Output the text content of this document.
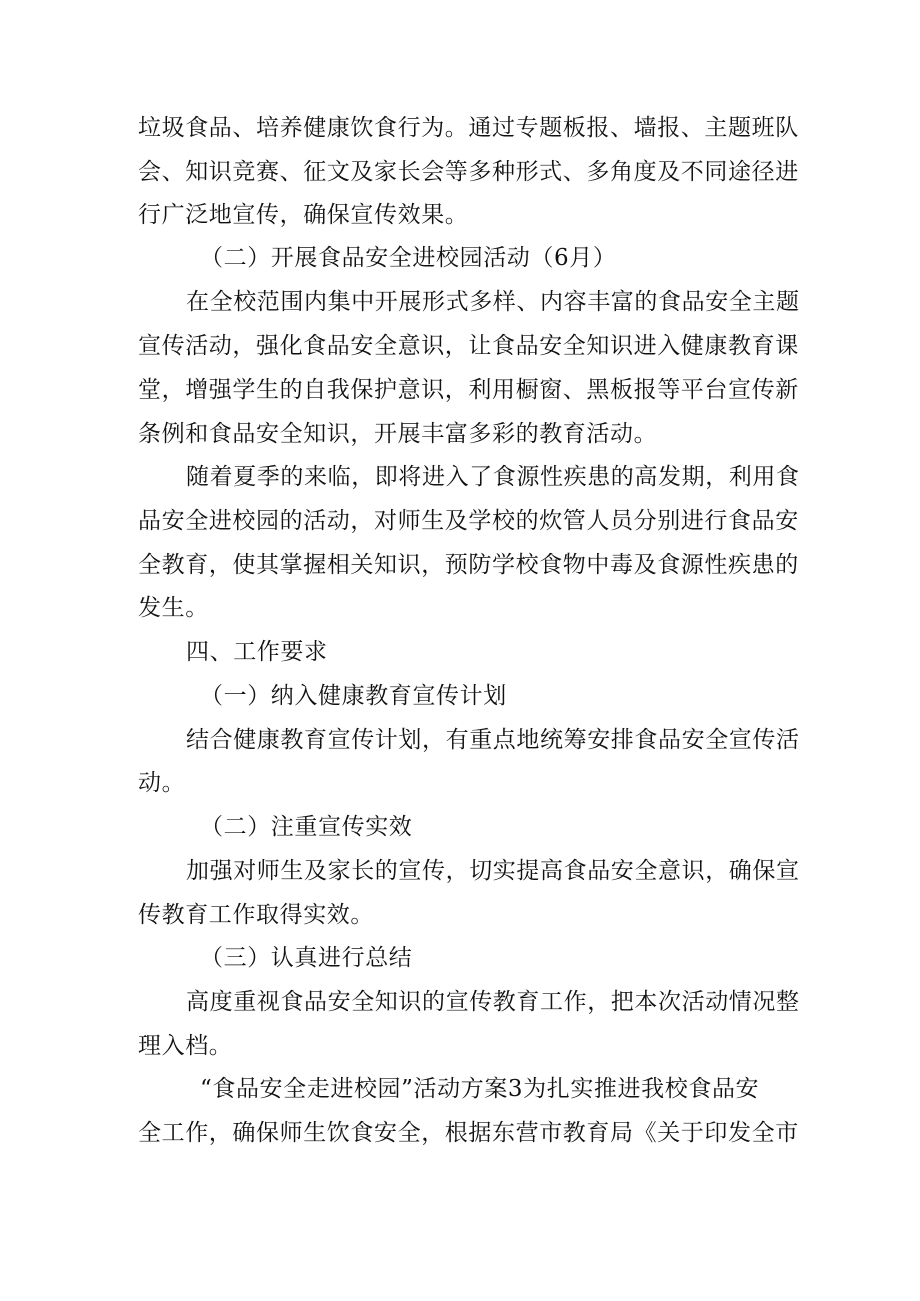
垃圾食品、培养健康饮食行为。通过专题板报、墙报、主题班队
会、知识竞赛、征文及家长会等多种形式、多角度及不同途径进
行广泛地宣传，确保宣传效果。
（二）开展食品安全进校园活动（6月）
在全校范围内集中开展形式多样、内容丰富的食品安全主题
宣传活动，强化食品安全意识，让食品安全知识进入健康教育课
堂，增强学生的自我保护意识，利用橱窗、黑板报等平台宣传新
条例和食品安全知识，开展丰富多彩的教育活动。
随着夏季的来临，即将进入了食源性疾患的高发期，利用食
品安全进校园的活动，对师生及学校的炊管人员分别进行食品安
全教育，使其掌握相关知识，预防学校食物中毒及食源性疾患的
发生。
四、工作要求
（一）纳入健康教育宣传计划
结合健康教育宣传计划，有重点地统筹安排食品安全宣传活
动。
（二）注重宣传实效
加强对师生及家长的宣传，切实提高食品安全意识，确保宣
传教育工作取得实效。
（三）认真进行总结
高度重视食品安全知识的宣传教育工作，把本次活动情况整
理入档。
“食品安全走进校园”活动方案3为扎实推进我校食品安
全工作，确保师生饮食安全，根据东营市教育局《关于印发全市
